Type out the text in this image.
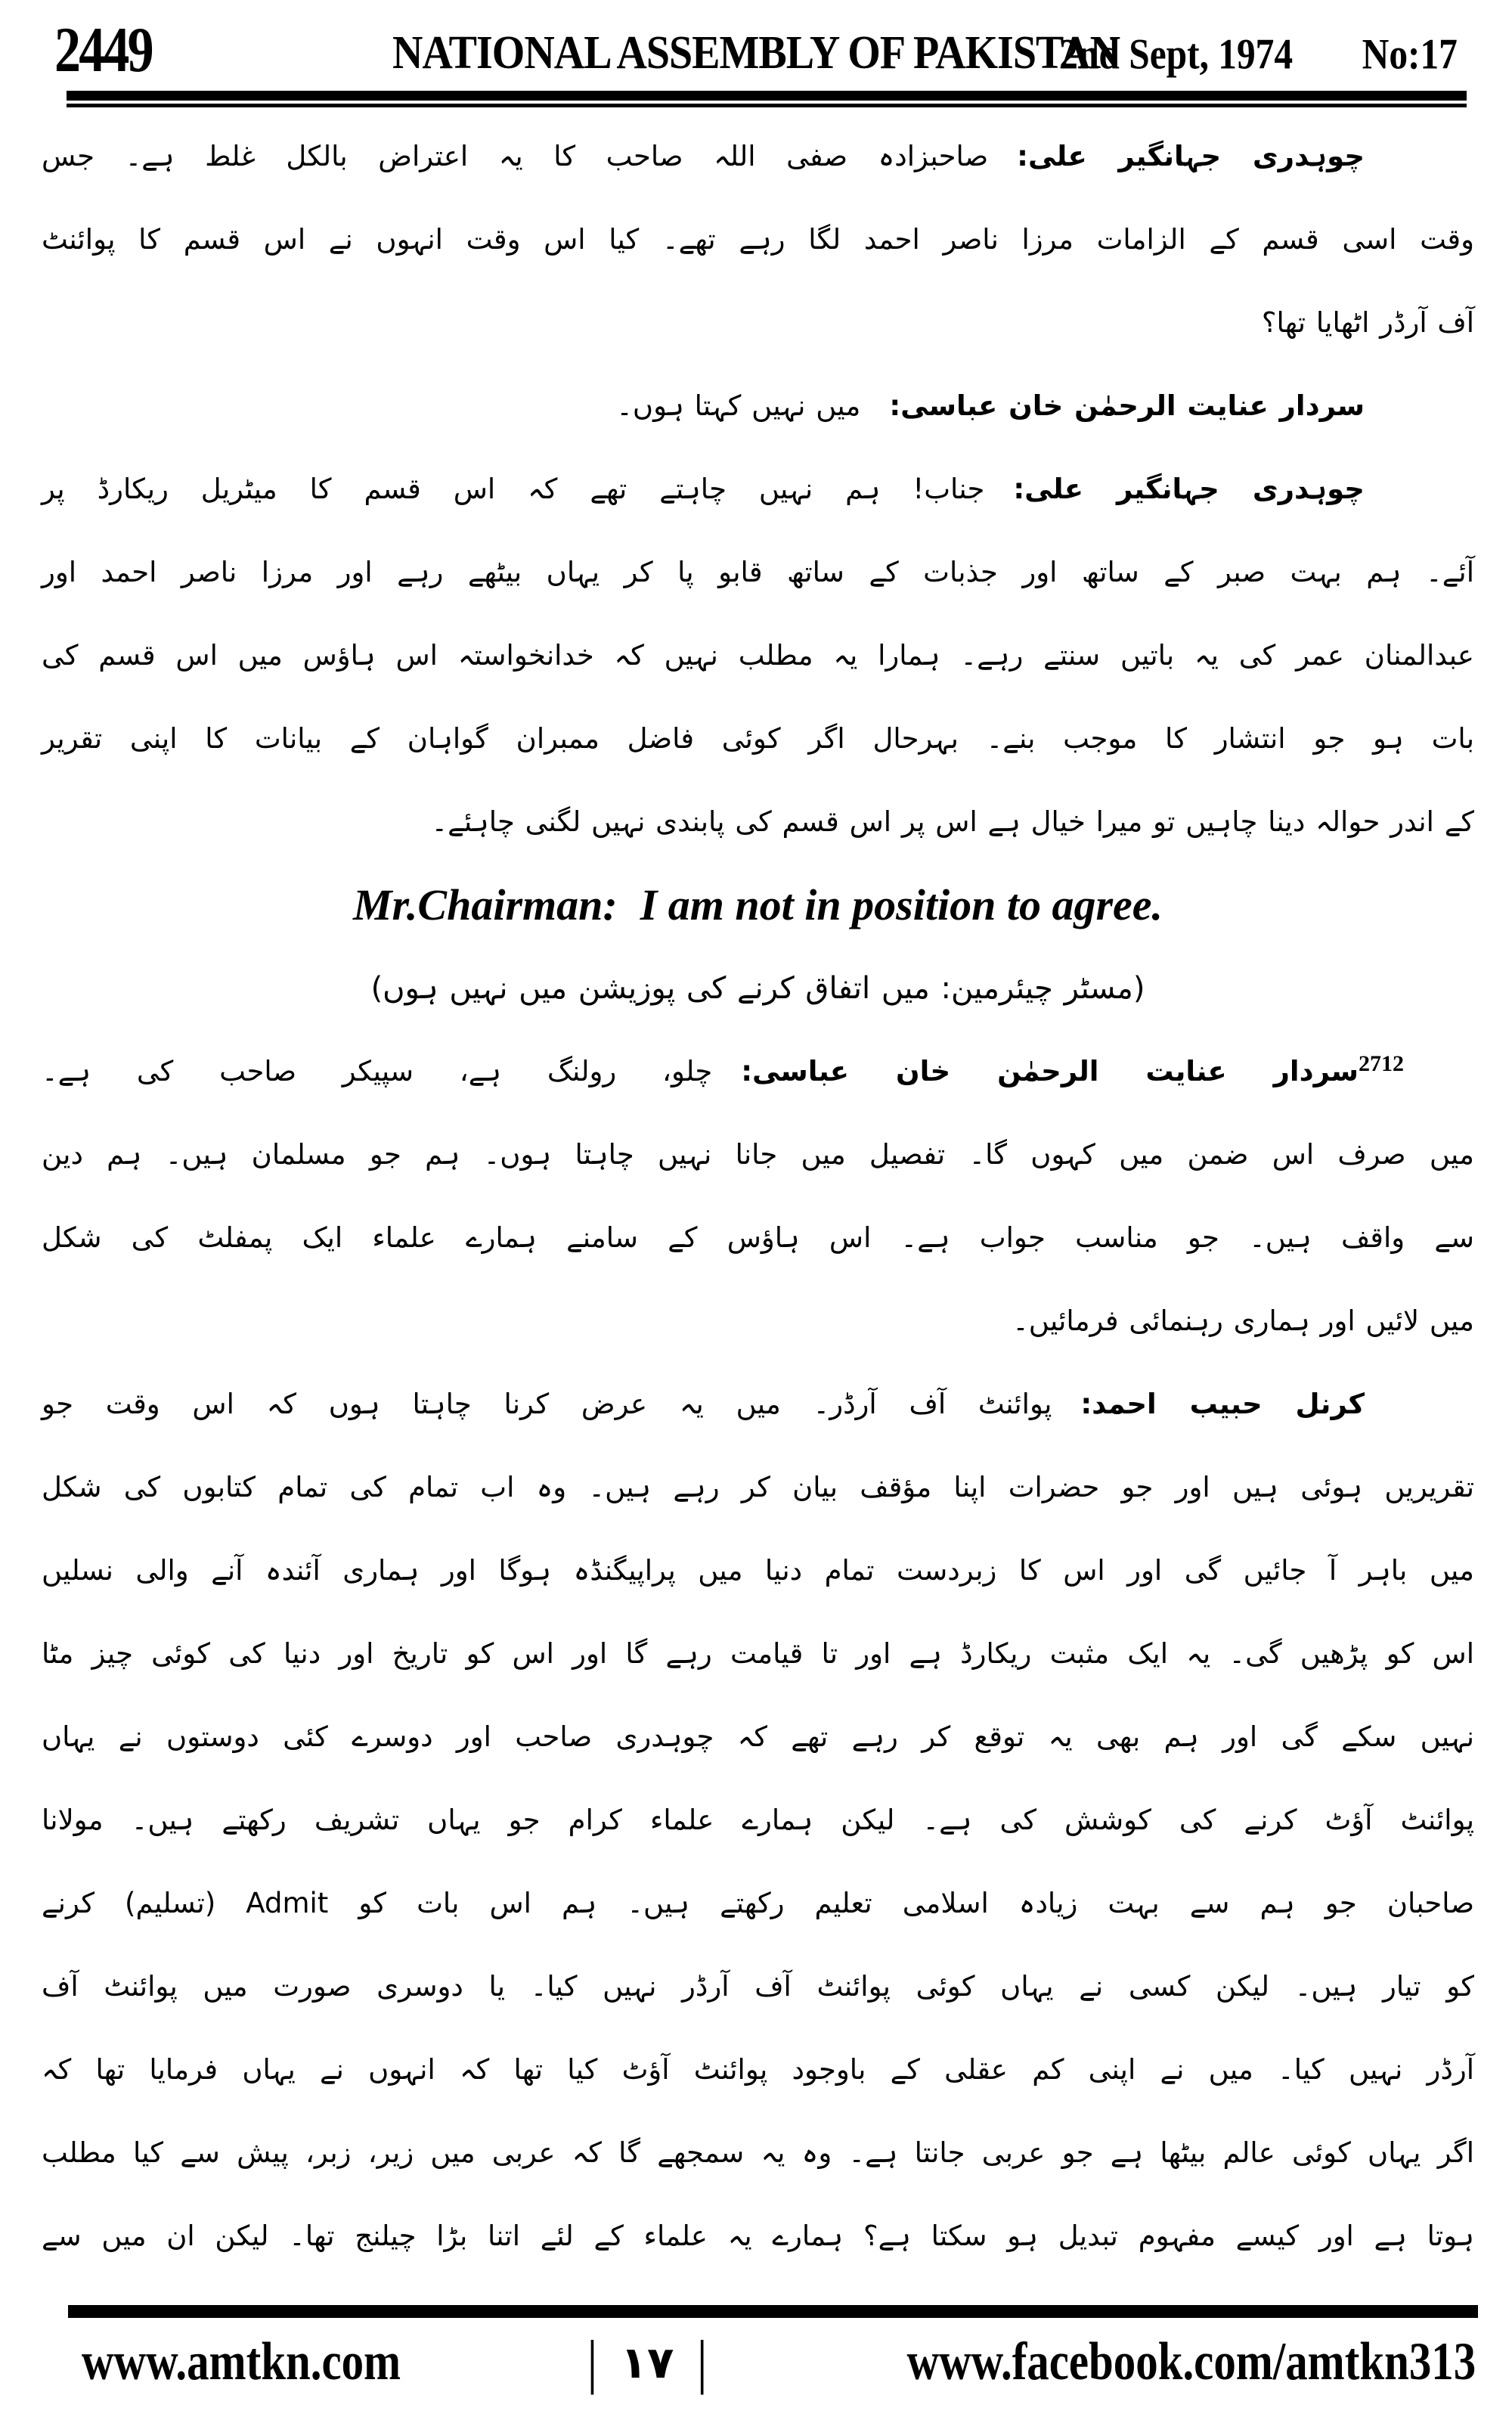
2449	NATIONAL ASSEMBLY OF PAKISTAN
2nd Sept, 1974 No:17
چوہدری جہانگیر علی:صاحبزادہ صفی اللہ صاحب کا یہ اعتراض بالکل غلط ہے۔ جس
وقت اسی قسم کے الزامات مرزا ناصر احمد لگا رہے تھے۔ کیا اس وقت انہوں نے اس قسم کا پوائنٹ
آف آرڈر اٹھایا تھا؟
سردار عنایت الرحمٰن خان عباسی:میں نہیں کہتا ہوں۔
چوہدری جہانگیر علی:جناب! ہم نہیں چاہتے تھے کہ اس قسم کا میٹریل ریکارڈ پر
آئے۔ ہم بہت صبر کے ساتھ اور جذبات کے ساتھ قابو پا کر یہاں بیٹھے رہے اور مرزا ناصر احمد اور
عبدالمنان عمر کی یہ باتیں سنتے رہے۔ ہمارا یہ مطلب نہیں کہ خدانخواستہ اس ہاؤس میں اس قسم کی
بات ہو جو انتشار کا موجب بنے۔ بہرحال اگر کوئی فاضل ممبران گواہان کے بیانات کا اپنی تقریر
کے اندر حوالہ دینا چاہیں تو میرا خیال ہے اس پر اس قسم کی پابندی نہیں لگنی چاہئے۔
Mr.Chairman: I am not in position to agree.
(مسٹر چیئرمین: میں اتفاق کرنے کی پوزیشن میں نہیں ہوں)
$^{2712}$سردار عنایت الرحمٰن خان عباسی:چلو، رولنگ ہے، سپیکر صاحب کی ہے۔
میں صرف اس ضمن میں کہوں گا۔ تفصیل میں جانا نہیں چاہتا ہوں۔ ہم جو مسلمان ہیں۔ ہم دین
سے واقف ہیں۔ جو مناسب جواب ہے۔ اس ہاؤس کے سامنے ہمارے علماء ایک پمفلٹ کی شکل
میں لائیں اور ہماری رہنمائی فرمائیں۔
کرنل حبیب احمد:پوائنٹ آف آرڈر۔ میں یہ عرض کرنا چاہتا ہوں کہ اس وقت جو
تقریریں ہوئی ہیں اور جو حضرات اپنا مؤقف بیان کر رہے ہیں۔ وہ اب تمام کی تمام کتابوں کی شکل
میں باہر آ جائیں گی اور اس کا زبردست تمام دنیا میں پراپیگنڈہ ہوگا اور ہماری آئندہ آنے والی نسلیں
اس کو پڑھیں گی۔ یہ ایک مثبت ریکارڈ ہے اور تا قیامت رہے گا اور اس کو تاریخ اور دنیا کی کوئی چیز مٹا
نہیں سکے گی اور ہم بھی یہ توقع کر رہے تھے کہ چوہدری صاحب اور دوسرے کئی دوستوں نے یہاں
پوائنٹ آؤٹ کرنے کی کوشش کی ہے۔ لیکن ہمارے علماء کرام جو یہاں تشریف رکھتے ہیں۔ مولانا
صاحبان جو ہم سے بہت زیادہ اسلامی تعلیم رکھتے ہیں۔ ہم اس بات کو Admit (تسلیم) کرنے
کو تیار ہیں۔ لیکن کسی نے یہاں کوئی پوائنٹ آف آرڈر نہیں کیا۔ یا دوسری صورت میں پوائنٹ آف
آرڈر نہیں کیا۔ میں نے اپنی کم عقلی کے باوجود پوائنٹ آؤٹ کیا تھا کہ انہوں نے یہاں فرمایا تھا کہ
اگر یہاں کوئی عالم بیٹھا ہے جو عربی جانتا ہے۔ وہ یہ سمجھے گا کہ عربی میں زیر، زبر، پیش سے کیا مطلب
ہوتا ہے اور کیسے مفہوم تبدیل ہو سکتا ہے؟ ہمارے یہ علماء کے لئے اتنا بڑا چیلنج تھا۔ لیکن ان میں سے
www.amtkn.com	| ۱۷ |	www.facebook.com/amtkn313
